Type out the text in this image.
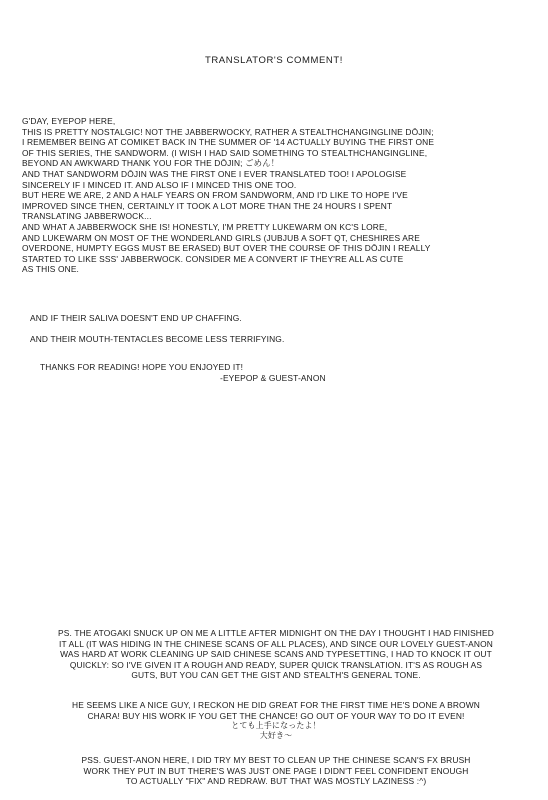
TRANSLATOR'S COMMENT!
G'DAY, EYEPOP HERE,
THIS IS PRETTY NOSTALGIC! NOT THE JABBERWOCKY, RATHER A STEALTHCHANGINGLINE DŌJIN;
I REMEMBER BEING AT COMIKET BACK IN THE SUMMER OF '14 ACTUALLY BUYING THE FIRST ONE
OF THIS SERIES, THE SANDWORM. (I WISH I HAD SAID SOMETHING TO STEALTHCHANGINGLINE,
BEYOND AN AWKWARD THANK YOU FOR THE DŌJIN; ごめん！
AND THAT SANDWORM DŌJIN WAS THE FIRST ONE I EVER TRANSLATED TOO! I APOLOGISE
SINCERELY IF I MINCED IT. AND ALSO IF I MINCED THIS ONE TOO.
BUT HERE WE ARE, 2 AND A HALF YEARS ON FROM SANDWORM, AND I'D LIKE TO HOPE I'VE
IMPROVED SINCE THEN, CERTAINLY IT TOOK A LOT MORE THAN THE 24 HOURS I SPENT
TRANSLATING JABBERWOCK...
AND WHAT A JABBERWOCK SHE IS! HONESTLY, I'M PRETTY LUKEWARM ON KC'S LORE,
AND LUKEWARM ON MOST OF THE WONDERLAND GIRLS (JUBJUB A SOFT QT, CHESHIRES ARE
OVERDONE, HUMPTY EGGS MUST BE ERASED) BUT OVER THE COURSE OF THIS DŌJIN I REALLY
STARTED TO LIKE SSS' JABBERWOCK. CONSIDER ME A CONVERT IF THEY'RE ALL AS CUTE
AS THIS ONE.
AND IF THEIR SALIVA DOESN'T END UP CHAFFING.
AND THEIR MOUTH-TENTACLES BECOME LESS TERRIFYING.
THANKS FOR READING! HOPE YOU ENJOYED IT!
-EYEPOP & GUEST-ANON
PS. THE ATOGAKI SNUCK UP ON ME A LITTLE AFTER MIDNIGHT ON THE DAY I THOUGHT I HAD FINISHED
IT ALL (IT WAS HIDING IN THE CHINESE SCANS OF ALL PLACES), AND SINCE OUR LOVELY GUEST-ANON
WAS HARD AT WORK CLEANING UP SAID CHINESE SCANS AND TYPESETTING, I HAD TO KNOCK IT OUT
QUICKLY: SO I'VE GIVEN IT A ROUGH AND READY, SUPER QUICK TRANSLATION. IT'S AS ROUGH AS
GUTS, BUT YOU CAN GET THE GIST AND STEALTH'S GENERAL TONE.
HE SEEMS LIKE A NICE GUY, I RECKON HE DID GREAT FOR THE FIRST TIME HE'S DONE A BROWN
CHARA! BUY HIS WORK IF YOU GET THE CHANCE! GO OUT OF YOUR WAY TO DO IT EVEN!
とても上手になったよ！
大好き〜
PSS. GUEST-ANON HERE, I DID TRY MY BEST TO CLEAN UP THE CHINESE SCAN'S FX BRUSH
WORK THEY PUT IN BUT THERE'S WAS JUST ONE PAGE I DIDN'T FEEL CONFIDENT ENOUGH
TO ACTUALLY "FIX" AND REDRAW. BUT THAT WAS MOSTLY LAZINESS :^)
